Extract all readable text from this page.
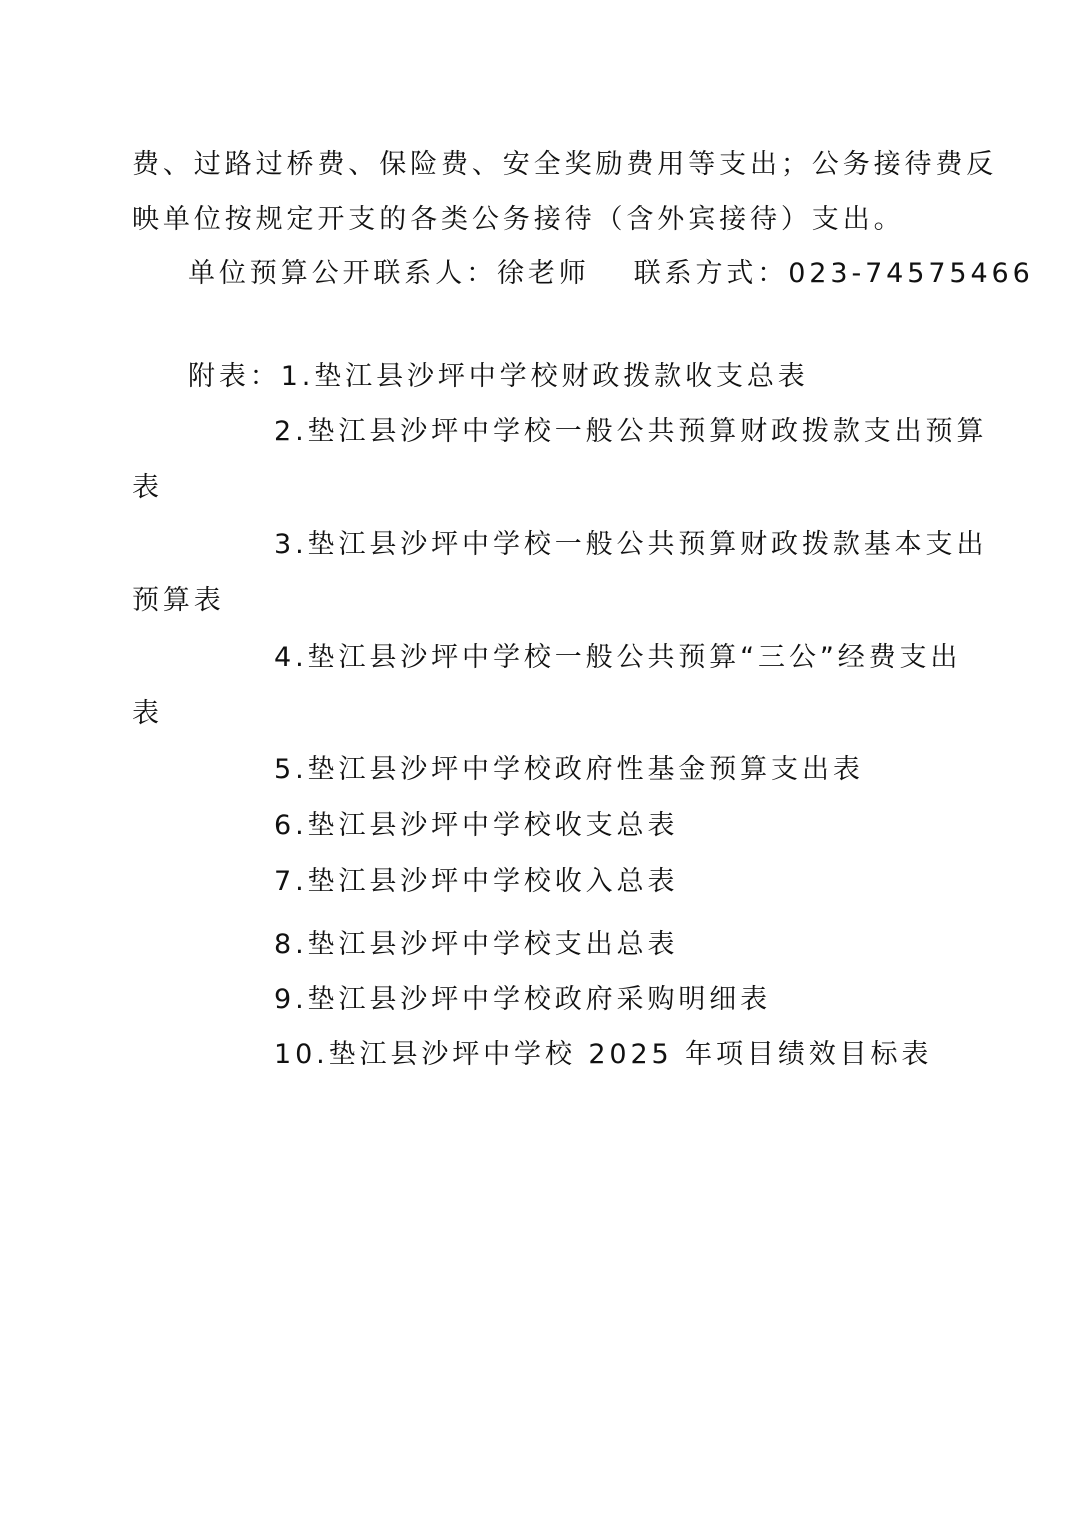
费、过路过桥费、保险费、安全奖励费用等支出；公务接待费反
映单位按规定开支的各类公务接待（含外宾接待）支出。
单位预算公开联系人：徐老师 联系方式：023-74575466
附表：1.垫江县沙坪中学校财政拨款收支总表
2.垫江县沙坪中学校一般公共预算财政拨款支出预算
表
3.垫江县沙坪中学校一般公共预算财政拨款基本支出
预算表
4.垫江县沙坪中学校一般公共预算“三公”经费支出
表
5.垫江县沙坪中学校政府性基金预算支出表
6.垫江县沙坪中学校收支总表
7.垫江县沙坪中学校收入总表
8.垫江县沙坪中学校支出总表
9.垫江县沙坪中学校政府采购明细表
10.垫江县沙坪中学校 2025 年项目绩效目标表
